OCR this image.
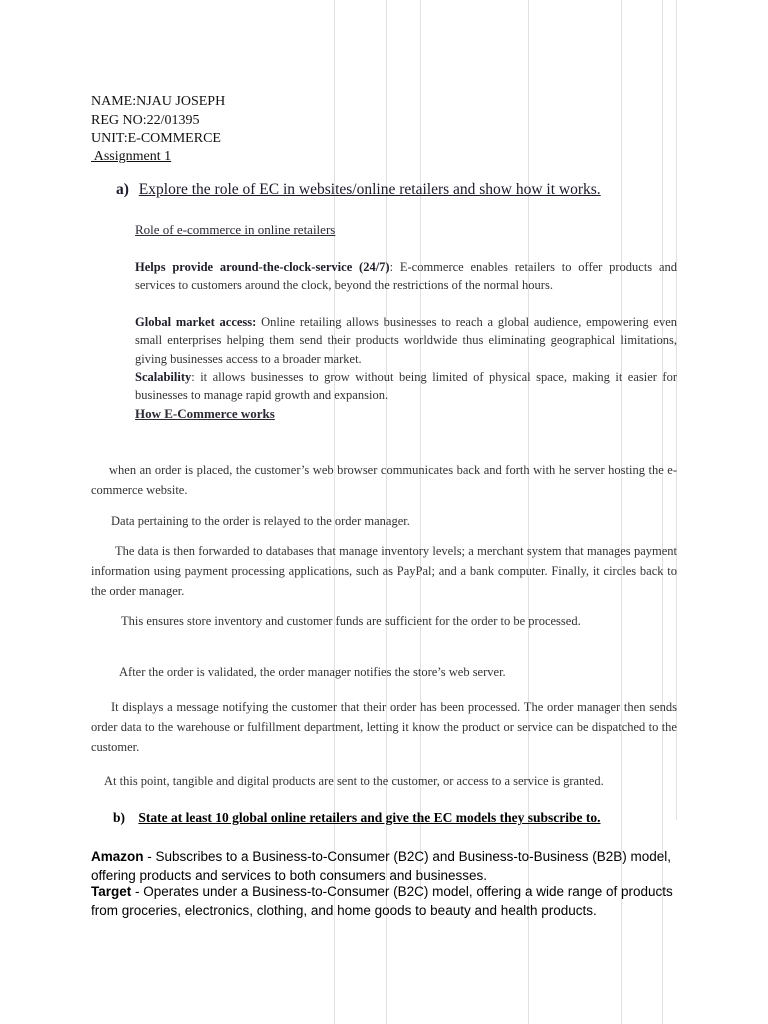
NAME:NJAU JOSEPH
REG NO:22/01395
UNIT:E-COMMERCE
Assignment 1
a) Explore the role of EC in websites/online retailers and show how it works.
Role of e-commerce in online retailers
Helps provide around-the-clock-service (24/7): E-commerce enables retailers to offer products and services to customers around the clock, beyond the restrictions of the normal hours.
Global market access: Online retailing allows businesses to reach a global audience, empowering even small enterprises helping them send their products worldwide thus eliminating geographical limitations, giving businesses access to a broader market.
Scalability: it allows businesses to grow without being limited of physical space, making it easier for businesses to manage rapid growth and expansion.
How E-Commerce works
when an order is placed, the customer’s web browser communicates back and forth with he server hosting the e-commerce website.
Data pertaining to the order is relayed to the order manager.
The data is then forwarded to databases that manage inventory levels; a merchant system that manages payment information using payment processing applications, such as PayPal; and a bank computer. Finally, it circles back to the order manager.
This ensures store inventory and customer funds are sufficient for the order to be processed.
After the order is validated, the order manager notifies the store’s web server.
It displays a message notifying the customer that their order has been processed. The order manager then sends order data to the warehouse or fulfillment department, letting it know the product or service can be dispatched to the customer.
At this point, tangible and digital products are sent to the customer, or access to a service is granted.
b) State at least 10 global online retailers and give the EC models they subscribe to.
Amazon - Subscribes to a Business-to-Consumer (B2C) and Business-to-Business (B2B) model, offering products and services to both consumers and businesses.
Target - Operates under a Business-to-Consumer (B2C) model, offering a wide range of products from groceries, electronics, clothing, and home goods to beauty and health products.
